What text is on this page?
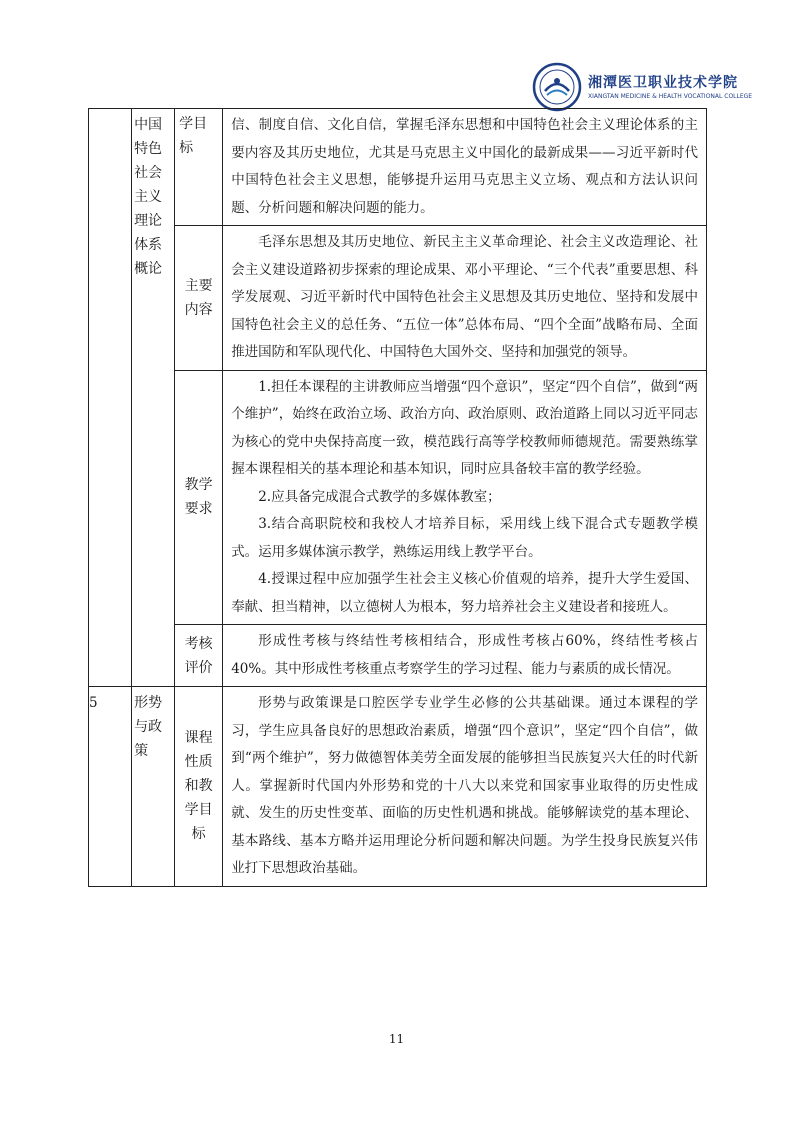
湘潭医卫职业技术学院
XIANGTAN MEDICINE & HEALTH VOCATIONAL COLLEGE

	中国特色社会主义理论体系概论	学目标	信、制度自信、文化自信，掌握毛泽东思想和中国特色社会主义理论体系的主要内容及其历史地位，尤其是马克思主义中国化的最新成果——习近平新时代中国特色社会主义思想，能够提升运用马克思主义立场、观点和方法认识问题、分析问题和解决问题的能力。

		主要内容	毛泽东思想及其历史地位、新民主主义革命理论、社会主义改造理论、社会主义建设道路初步探索的理论成果、邓小平理论、“三个代表”重要思想、科学发展观、习近平新时代中国特色社会主义思想及其历史地位、坚持和发展中国特色社会主义的总任务、“五位一体”总体布局、“四个全面”战略布局、全面推进国防和军队现代化、中国特色大国外交、坚持和加强党的领导。

		教学要求	1.担任本课程的主讲教师应当增强“四个意识”，坚定“四个自信”，做到“两个维护”，始终在政治立场、政治方向、政治原则、政治道路上同以习近平同志为核心的党中央保持高度一致，模范践行高等学校教师师德规范。需要熟练掌握本课程相关的基本理论和基本知识，同时应具备较丰富的教学经验。

2.应具备完成混合式教学的多媒体教室；

3.结合高职院校和我校人才培养目标，采用线上线下混合式专题教学模式。运用多媒体演示教学，熟练运用线上教学平台。

4.授课过程中应加强学生社会主义核心价值观的培养，提升大学生爱国、奉献、担当精神，以立德树人为根本，努力培养社会主义建设者和接班人。

		考核评价	形成性考核与终结性考核相结合，形成性考核占60%，终结性考核占40%。其中形成性考核重点考察学生的学习过程、能力与素质的成长情况。

5	形势与政策	课程性质和教学目标	形势与政策课是口腔医学专业学生必修的公共基础课。通过本课程的学习，学生应具备良好的思想政治素质，增强“四个意识”，坚定“四个自信”，做到“两个维护”，努力做德智体美劳全面发展的能够担当民族复兴大任的时代新人。掌握新时代国内外形势和党的十八大以来党和国家事业取得的历史性成就、发生的历史性变革、面临的历史性机遇和挑战。能够解读党的基本理论、基本路线、基本方略并运用理论分析问题和解决问题。为学生投身民族复兴伟业打下思想政治基础。

11
